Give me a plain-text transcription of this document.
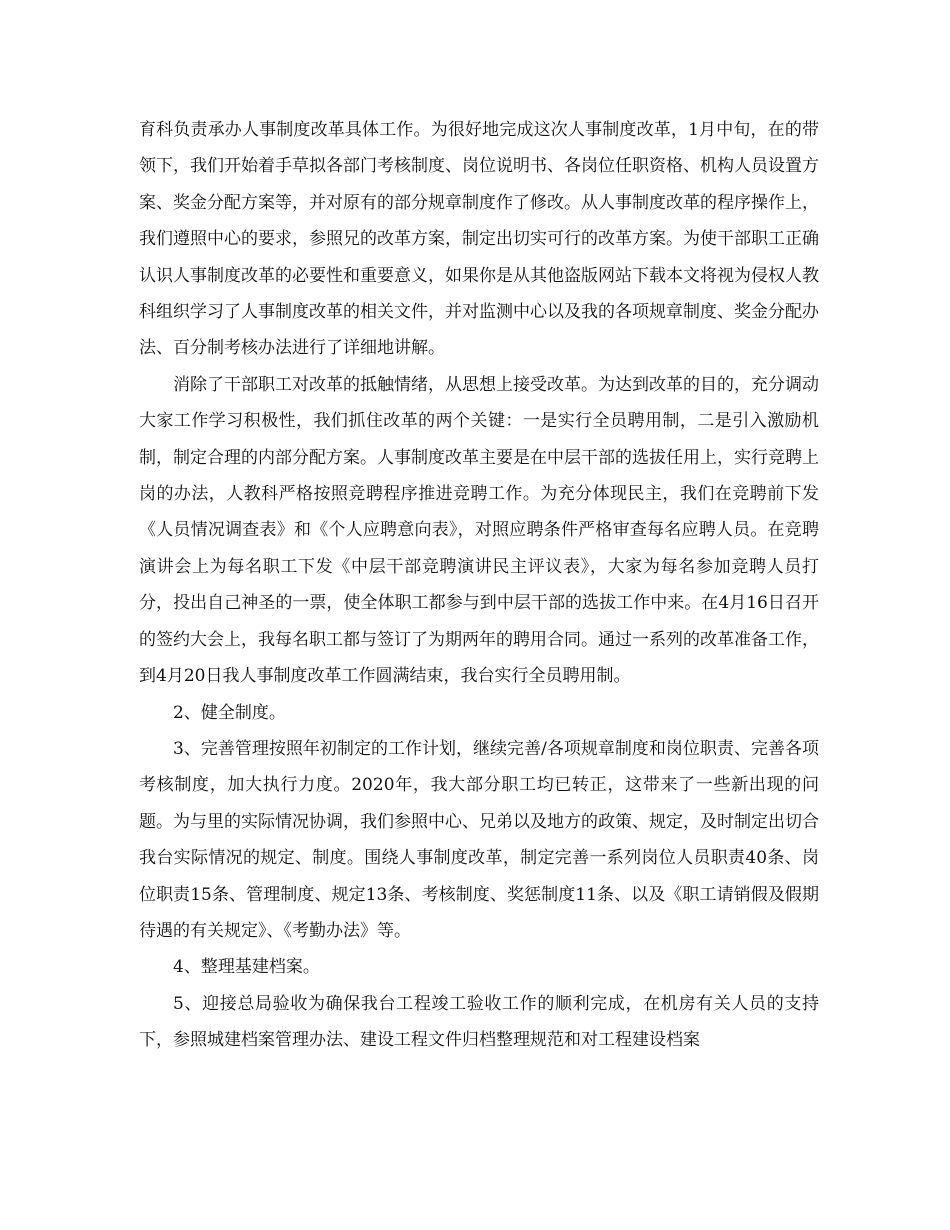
育科负责承办人事制度改革具体工作。为很好地完成这次人事制度改革，1月中旬，在的带领下，我们开始着手草拟各部门考核制度、岗位说明书、各岗位任职资格、机构人员设置方案、奖金分配方案等，并对原有的部分规章制度作了修改。从人事制度改革的程序操作上，我们遵照中心的要求，参照兄的改革方案，制定出切实可行的改革方案。为使干部职工正确认识人事制度改革的必要性和重要意义，如果你是从其他盗版网站下载本文将视为侵权人教科组织学习了人事制度改革的相关文件，并对监测中心以及我的各项规章制度、奖金分配办法、百分制考核办法进行了详细地讲解。

消除了干部职工对改革的抵触情绪，从思想上接受改革。为达到改革的目的，充分调动大家工作学习积极性，我们抓住改革的两个关键：一是实行全员聘用制，二是引入激励机制，制定合理的内部分配方案。人事制度改革主要是在中层干部的选拔任用上，实行竞聘上岗的办法，人教科严格按照竞聘程序推进竞聘工作。为充分体现民主，我们在竞聘前下发《人员情况调查表》和《个人应聘意向表》，对照应聘条件严格审查每名应聘人员。在竞聘演讲会上为每名职工下发《中层干部竞聘演讲民主评议表》，大家为每名参加竞聘人员打分，投出自己神圣的一票，使全体职工都参与到中层干部的选拔工作中来。在4月16日召开的签约大会上，我每名职工都与签订了为期两年的聘用合同。通过一系列的改革准备工作，到4月20日我人事制度改革工作圆满结束，我台实行全员聘用制。

2、健全制度。

3、完善管理按照年初制定的工作计划，继续完善/各项规章制度和岗位职责、完善各项考核制度，加大执行力度。2020年，我大部分职工均已转正，这带来了一些新出现的问题。为与里的实际情况协调，我们参照中心、兄弟以及地方的政策、规定，及时制定出切合我台实际情况的规定、制度。围绕人事制度改革，制定完善一系列岗位人员职责40条、岗位职责15条、管理制度、规定13条、考核制度、奖惩制度11条、以及《职工请销假及假期待遇的有关规定》、《考勤办法》等。

4、整理基建档案。

5、迎接总局验收为确保我台工程竣工验收工作的顺利完成，在机房有关人员的支持下，参照城建档案管理办法、建设工程文件归档整理规范和对工程建设档案
